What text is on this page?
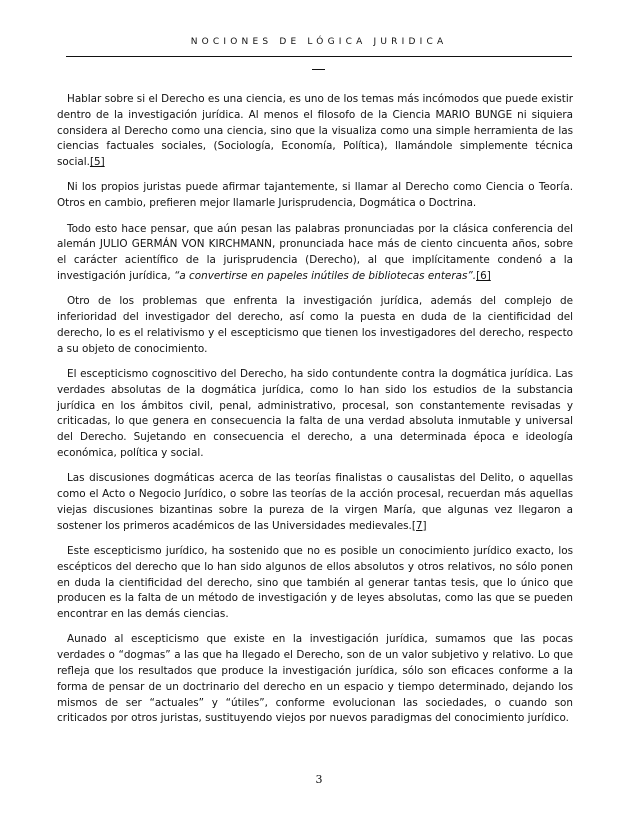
NOCIONES DE LÓGICA JURIDICA

Hablar sobre si el Derecho es una ciencia, es uno de los temas más incómodos que puede existir dentro de la investigación jurídica. Al menos el filosofo de la Ciencia MARIO BUNGE ni siquiera considera al Derecho como una ciencia, sino que la visualiza como una simple herramienta de las ciencias factuales sociales, (Sociología, Economía, Política), llamándole simplemente técnica social.[5]

Ni los propios juristas puede afirmar tajantemente, si llamar al Derecho como Ciencia o Teoría. Otros en cambio, prefieren mejor llamarle Jurisprudencia, Dogmática o Doctrina.

Todo esto hace pensar, que aún pesan las palabras pronunciadas por la clásica conferencia del alemán JULIO GERMÁN VON KIRCHMANN, pronunciada hace más de ciento cincuenta años, sobre el carácter acientífico de la jurisprudencia (Derecho), al que implícitamente condenó a la investigación jurídica, “a convertirse en papeles inútiles de bibliotecas enteras”.[6]

Otro de los problemas que enfrenta la investigación jurídica, además del complejo de inferioridad del investigador del derecho, así como la puesta en duda de la cientificidad del derecho, lo es el relativismo y el escepticismo que tienen los investigadores del derecho, respecto a su objeto de conocimiento.

El escepticismo cognoscitivo del Derecho, ha sido contundente contra la dogmática jurídica. Las verdades absolutas de la dogmática jurídica, como lo han sido los estudios de la substancia jurídica en los ámbitos civil, penal, administrativo, procesal, son constantemente revisadas y criticadas, lo que genera en consecuencia la falta de una verdad absoluta inmutable y universal del Derecho. Sujetando en consecuencia el derecho, a una determinada época e ideología económica, política y social.

Las discusiones dogmáticas acerca de las teorías finalistas o causalistas del Delito, o aquellas como el Acto o Negocio Jurídico, o sobre las teorías de la acción procesal, recuerdan más aquellas viejas discusiones bizantinas sobre la pureza de la virgen María, que algunas vez llegaron a sostener los primeros académicos de las Universidades medievales.[7]

Este escepticismo jurídico, ha sostenido que no es posible un conocimiento jurídico exacto, los escépticos del derecho que lo han sido algunos de ellos absolutos y otros relativos, no sólo ponen en duda la cientificidad del derecho, sino que también al generar tantas tesis, que lo único que producen es la falta de un método de investigación y de leyes absolutas, como las que se pueden encontrar en las demás ciencias.

Aunado al escepticismo que existe en la investigación jurídica, sumamos que las pocas verdades o “dogmas” a las que ha llegado el Derecho, son de un valor subjetivo y relativo. Lo que refleja que los resultados que produce la investigación jurídica, sólo son eficaces conforme a la forma de pensar de un doctrinario del derecho en un espacio y tiempo determinado, dejando los mismos de ser “actuales” y “útiles”, conforme evolucionan las sociedades, o cuando son criticados por otros juristas, sustituyendo viejos por nuevos paradigmas del conocimiento jurídico.

3
